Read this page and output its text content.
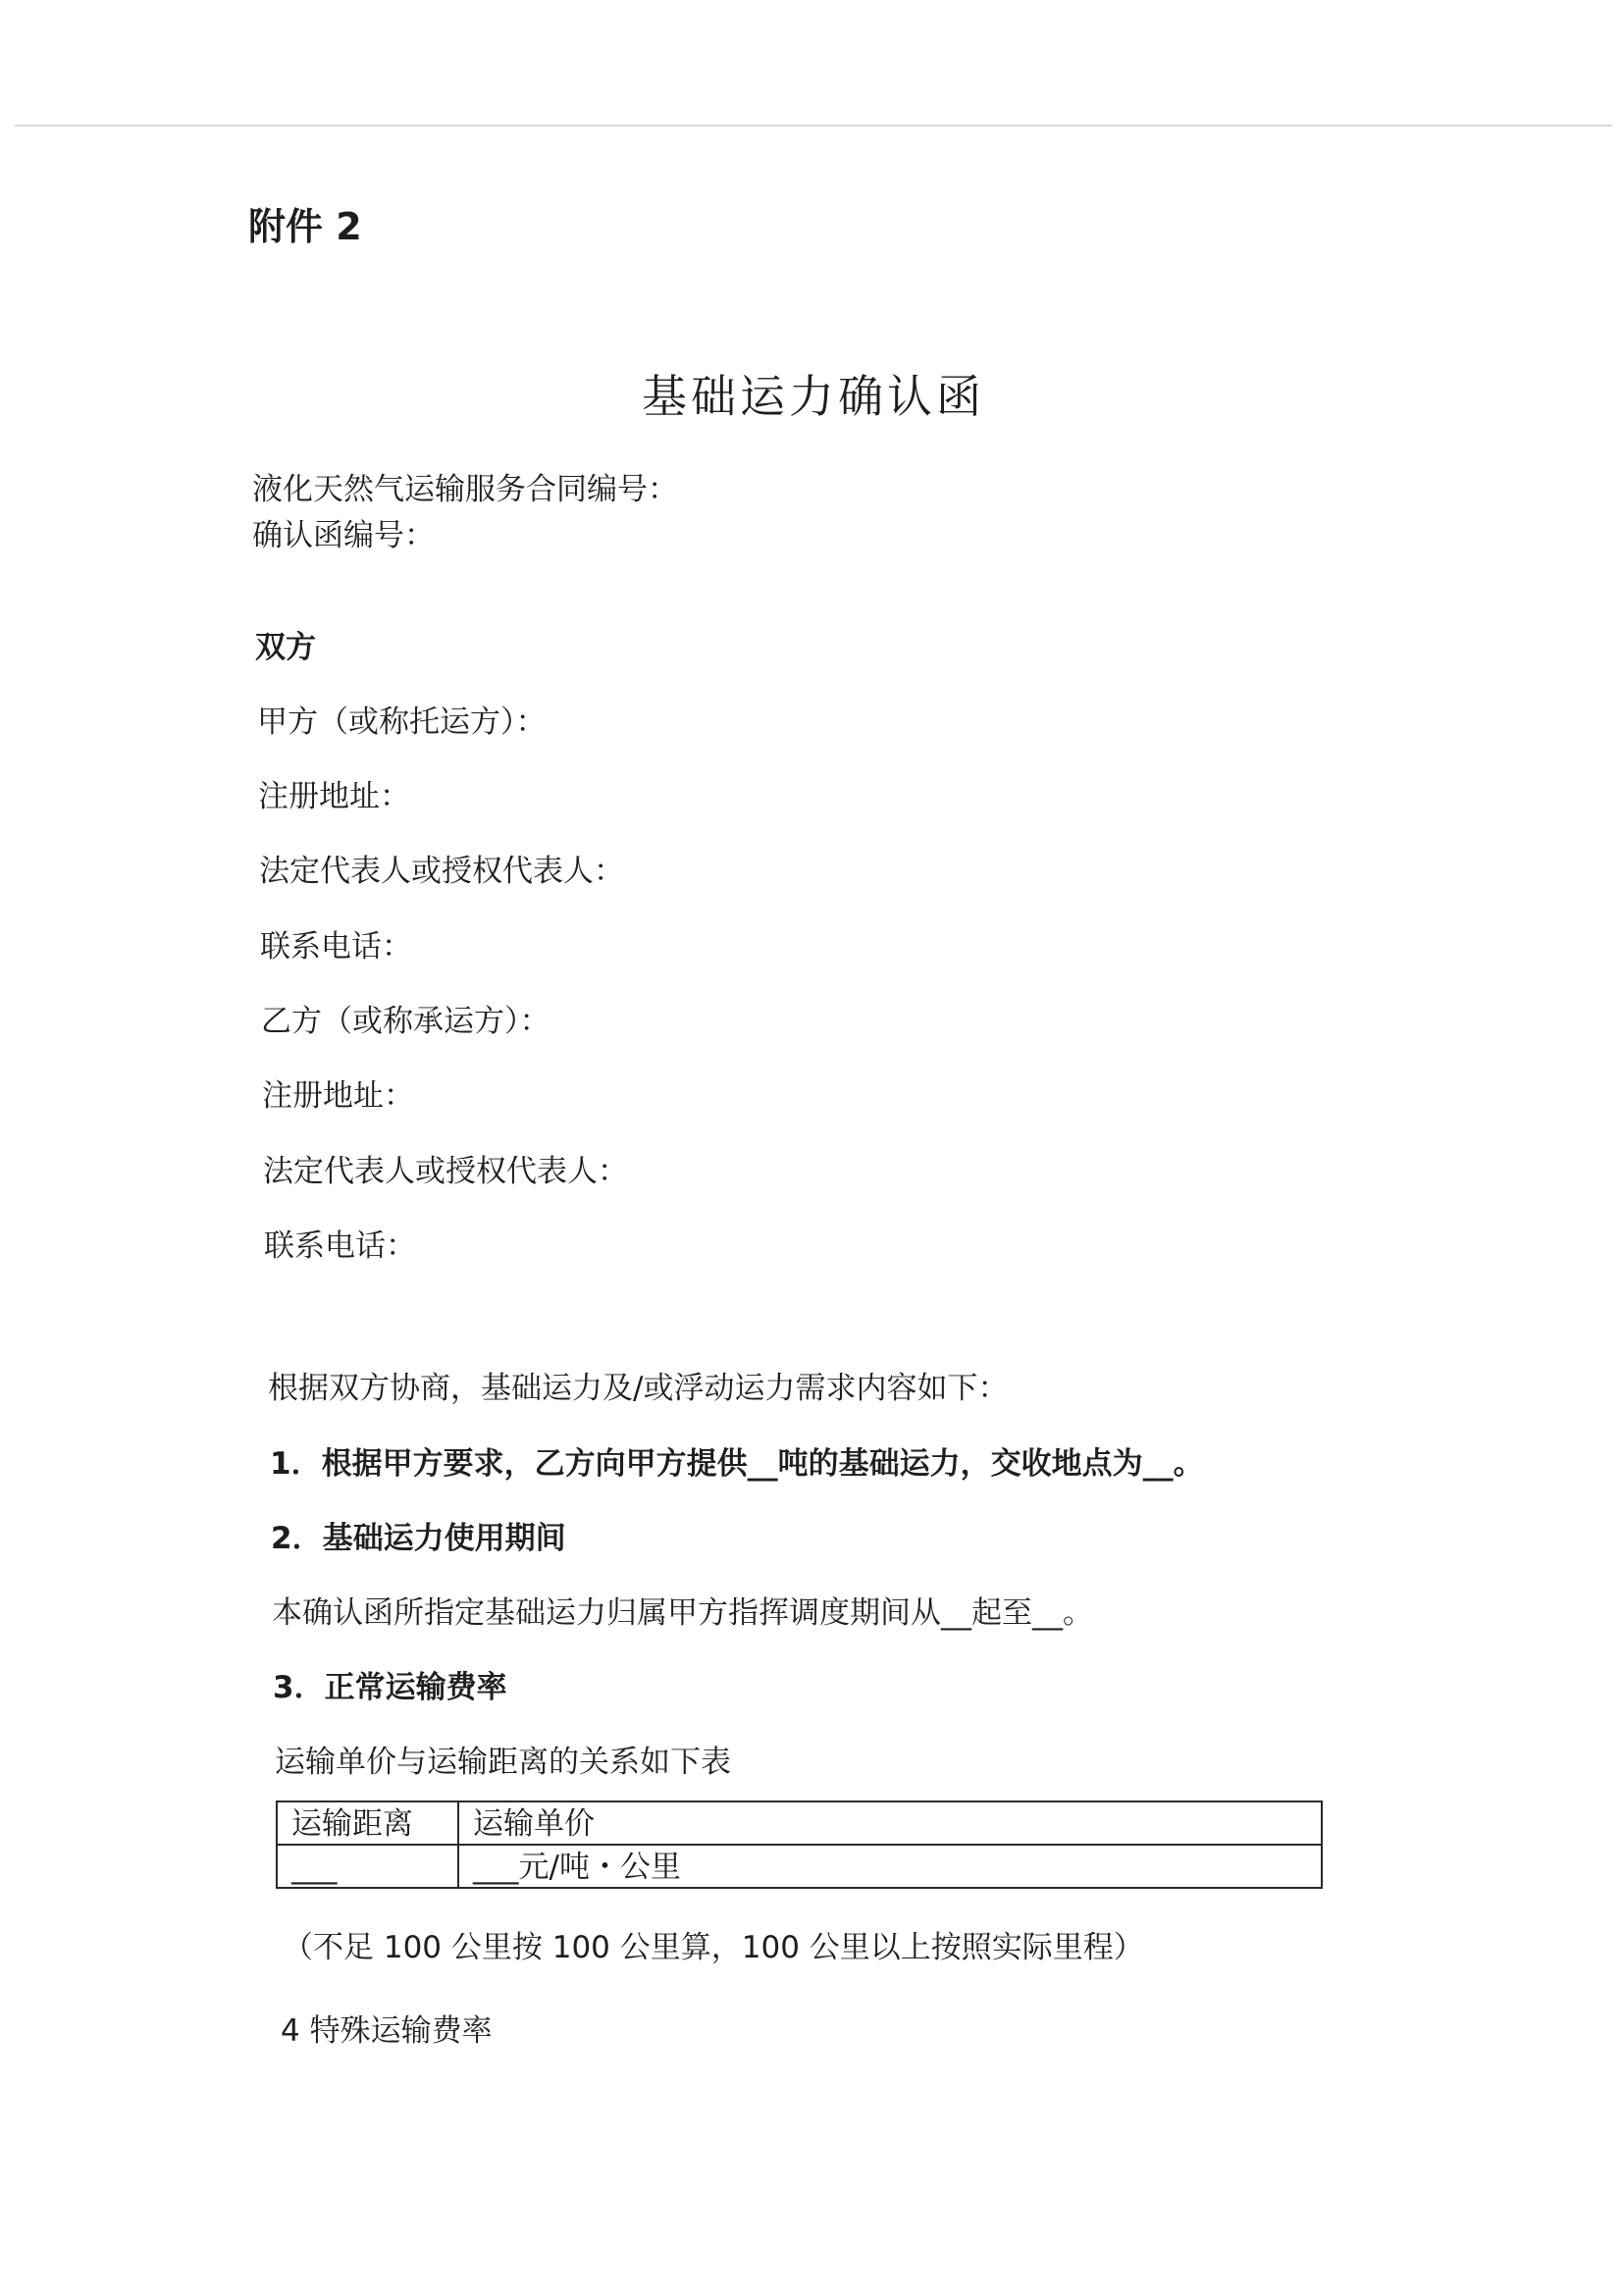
附件 2
基础运力确认函
液化天然气运输服务合同编号：
确认函编号：
双方
甲方（或称托运方）：
注册地址：
法定代表人或授权代表人：
联系电话：
乙方（或称承运方）：
注册地址：
法定代表人或授权代表人：
联系电话：
根据双方协商，基础运力及/或浮动运力需求内容如下：
1．根据甲方要求，乙方向甲方提供__吨的基础运力，交收地点为__。
2．基础运力使用期间
本确认函所指定基础运力归属甲方指挥调度期间从__起至__。
3．正常运输费率
运输单价与运输距离的关系如下表
运输距离	运输单价
___	___元/吨・公里
（不足 100 公里按 100 公里算，100 公里以上按照实际里程）
4 特殊运输费率
